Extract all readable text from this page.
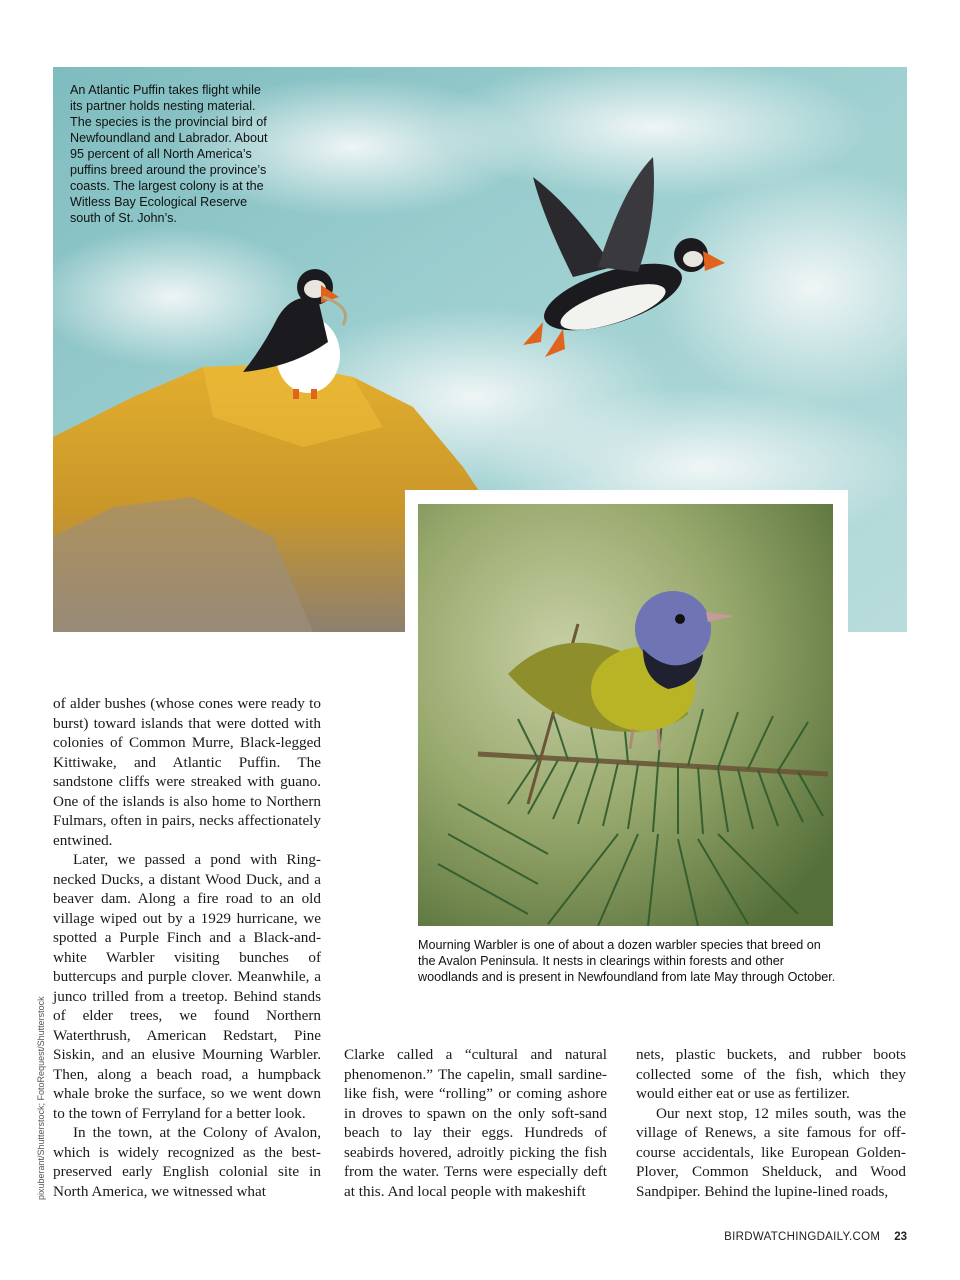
An Atlantic Puffin takes flight while its partner holds nesting material. The species is the provincial bird of Newfoundland and Labrador. About 95 percent of all North America’s puffins breed around the province’s coasts. The largest colony is at the Witless Bay Ecological Reserve south of St. John’s.

Mourning Warbler is one of about a dozen warbler species that breed on the Avalon Peninsula. It nests in clearings within forests and other woodlands and is present in Newfoundland from late May through October.

of alder bushes (whose cones were ready to burst) toward islands that were dotted with colonies of Common Murre, Black-legged Kittiwake, and Atlantic Puffin. The sandstone cliffs were streaked with guano. One of the islands is also home to Northern Fulmars, often in pairs, necks affectionately entwined.

Later, we passed a pond with Ring-necked Ducks, a distant Wood Duck, and a beaver dam. Along a fire road to an old village wiped out by a 1929 hurricane, we spotted a Purple Finch and a Black-and-white Warbler visiting bunches of buttercups and purple clover. Meanwhile, a junco trilled from a treetop. Behind stands of elder trees, we found Northern Waterthrush, American Redstart, Pine Siskin, and an elusive Mourning Warbler. Then, along a beach road, a humpback whale broke the surface, so we went down to the town of Ferryland for a better look.

In the town, at the Colony of Avalon, which is widely recognized as the best-preserved early English colonial site in North America, we witnessed what

Clarke called a “cultural and natural phenomenon.” The capelin, small sardine-like fish, were “rolling” or coming ashore in droves to spawn on the only soft-sand beach to lay their eggs. Hundreds of seabirds hovered, adroitly picking the fish from the water. Terns were especially deft at this. And local people with makeshift

nets, plastic buckets, and rubber boots collected some of the fish, which they would either eat or use as fertilizer.

Our next stop, 12 miles south, was the village of Renews, a site famous for off-course accidentals, like European Golden-Plover, Common Shelduck, and Wood Sandpiper. Behind the lupine-lined roads,

pixuberant/Shutterstock; FotoRequest/Shutterstock
BIRDWATCHINGDAILY.COM 23
